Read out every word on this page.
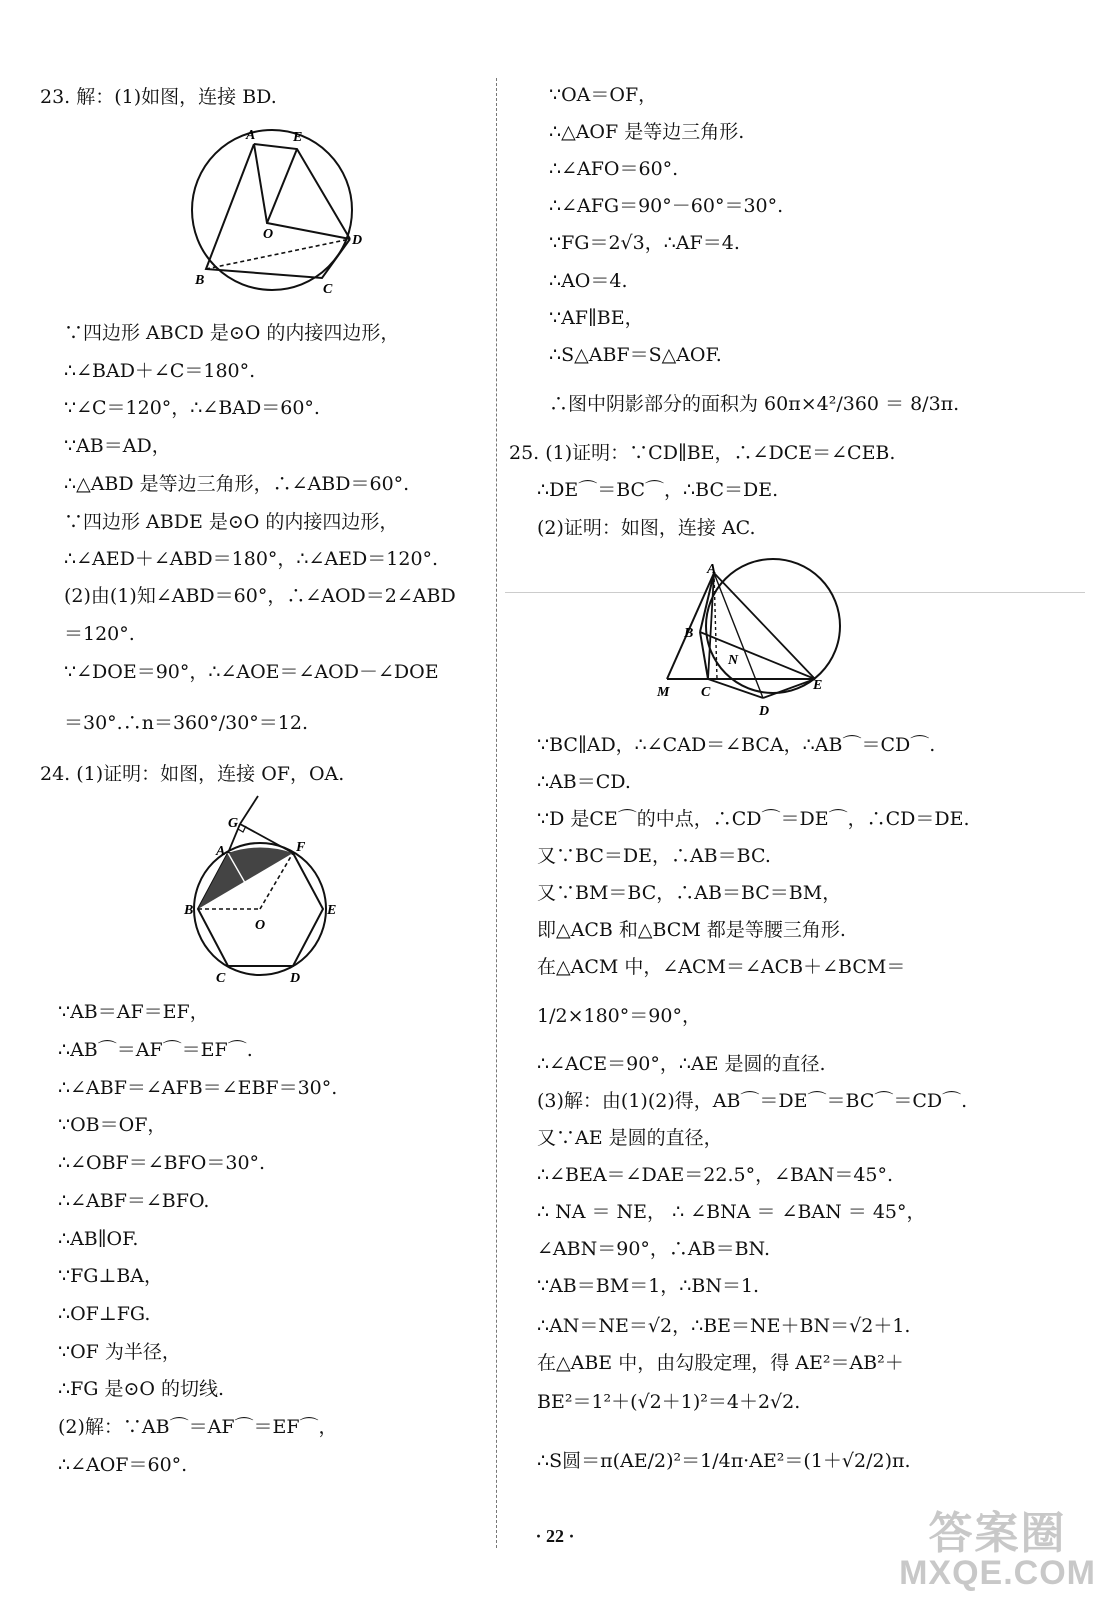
23. 解：(1)如图，连接 BD.
A	E
O	D
B
C
∵四边形 ABCD 是⊙O 的内接四边形，
∴∠BAD＋∠C＝180°.
∵∠C＝120°，∴∠BAD＝60°.
∵AB＝AD，
∴△ABD 是等边三角形，∴∠ABD＝60°.
∵四边形 ABDE 是⊙O 的内接四边形，
∴∠AED＋∠ABD＝180°，∴∠AED＝120°.
(2)由(1)知∠ABD＝60°，∴∠AOD＝2∠ABD
＝120°.
∵∠DOE＝90°，∴∠AOE＝∠AOD－∠DOE
＝30°.∴n＝360°/30°＝12.
24. (1)证明：如图，连接 OF，OA.
G
A	F
B
O
E
C	D
∵AB＝AF＝EF，
∴AB⌒＝AF⌒＝EF⌒.
∴∠ABF＝∠AFB＝∠EBF＝30°.
∵OB＝OF，
∴∠OBF＝∠BFO＝30°.
∴∠ABF＝∠BFO.
∴AB∥OF.
∵FG⊥BA，
∴OF⊥FG.
∵OF 为半径，
∴FG 是⊙O 的切线.
(2)解：∵AB⌒＝AF⌒＝EF⌒，
∴∠AOF＝60°.
∵OA＝OF，
∴△AOF 是等边三角形.
∴∠AFO＝60°.
∴∠AFG＝90°－60°＝30°.
∵FG＝2√3，∴AF＝4.
∴AO＝4.
∵AF∥BE，
∴S△ABF＝S△AOF.
∴图中阴影部分的面积为 60π×4²/360 ＝ 8/3π.
25. (1)证明：∵CD∥BE，∴∠DCE＝∠CEB.
∴DE⌒＝BC⌒，∴BC＝DE.
(2)证明：如图，连接 AC.
A
B
N
M C	E
D
∵BC∥AD，∴∠CAD＝∠BCA，∴AB⌒＝CD⌒.
∴AB＝CD.
∵D 是CE⌒的中点，∴CD⌒＝DE⌒，∴CD＝DE.
又∵BC＝DE，∴AB＝BC.
又∵BM＝BC，∴AB＝BC＝BM，
即△ACB 和△BCM 都是等腰三角形.
在△ACM 中，∠ACM＝∠ACB＋∠BCM＝
1/2×180°＝90°，
∴∠ACE＝90°，∴AE 是圆的直径.
(3)解：由(1)(2)得，AB⌒＝DE⌒＝BC⌒＝CD⌒.
又∵AE 是圆的直径，
∴∠BEA＝∠DAE＝22.5°，∠BAN＝45°.
∴ NA ＝ NE， ∴ ∠BNA ＝ ∠BAN ＝ 45°，
∠ABN＝90°，∴AB＝BN.
∵AB＝BM＝1，∴BN＝1.
∴AN＝NE＝√2，∴BE＝NE＋BN＝√2＋1.
在△ABE 中，由勾股定理，得 AE²＝AB²＋
BE²＝1²＋(√2＋1)²＝4＋2√2.
∴S圆＝π(AE/2)²＝1/4π·AE²＝(1＋√2/2)π.
· 22 ·	答案圈
MXQE.COM
